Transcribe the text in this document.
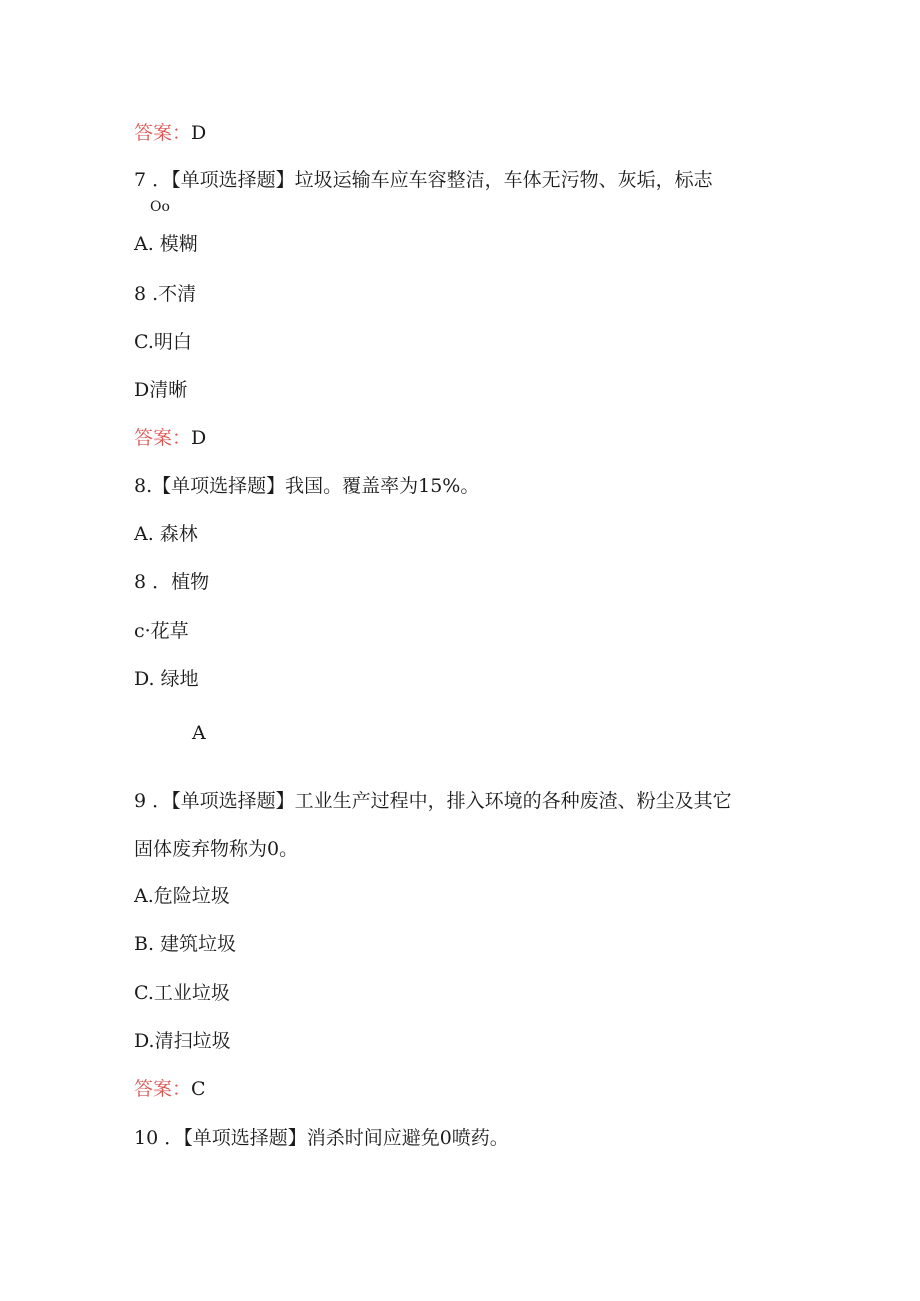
答案：D
7 ．【单项选择题】垃圾运输车应车容整洁，车体无污物、灰垢，标志
Oo
A. 模糊
8 .不清
C.明白
D清晰
答案：D
8.【单项选择题】我国。覆盖率为15%。
A. 森林
8 ．植物
c·花草
D. 绿地
A
9 ．【单项选择题】工业生产过程中，排入环境的各种废渣、粉尘及其它
固体废弃物称为0。
A.危险垃圾
B. 建筑垃圾
C.工业垃圾
D.清扫垃圾
答案：C
10 ．【单项选择题】消杀时间应避免0喷药。
